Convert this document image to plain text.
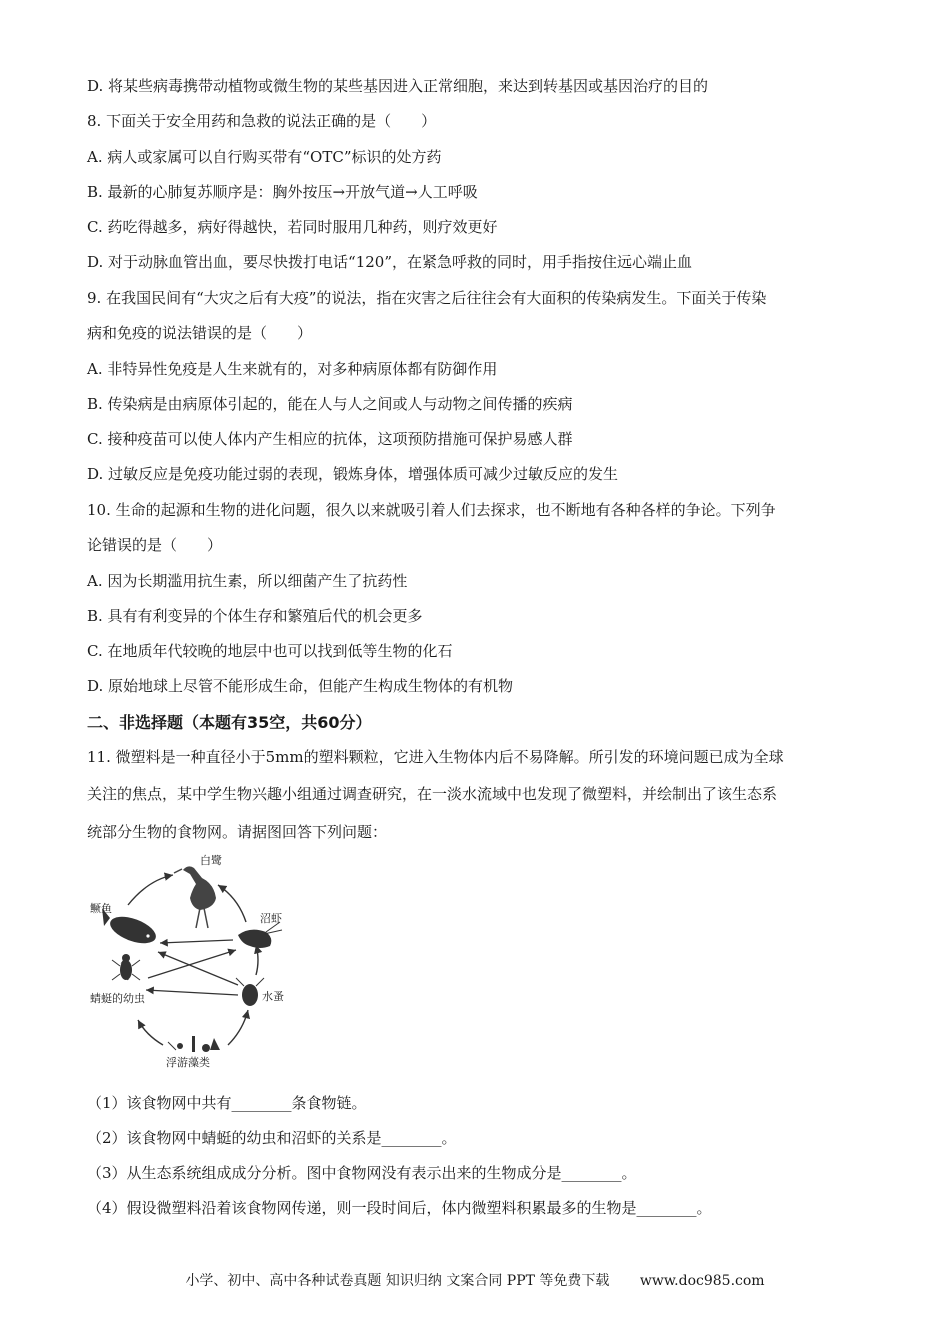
D. 将某些病毒携带动植物或微生物的某些基因进入正常细胞，来达到转基因或基因治疗的目的
8. 下面关于安全用药和急救的说法正确的是（　　）
A. 病人或家属可以自行购买带有“OTC”标识的处方药
B. 最新的心肺复苏顺序是：胸外按压→开放气道→人工呼吸
C. 药吃得越多，病好得越快，若同时服用几种药，则疗效更好
D. 对于动脉血管出血，要尽快拨打电话“120”，在紧急呼救的同时，用手指按住远心端止血
9. 在我国民间有“大灾之后有大疫”的说法，指在灾害之后往往会有大面积的传染病发生。下面关于传染
病和免疫的说法错误的是（　　）
A. 非特异性免疫是人生来就有的，对多种病原体都有防御作用
B. 传染病是由病原体引起的，能在人与人之间或人与动物之间传播的疾病
C. 接种疫苗可以使人体内产生相应的抗体，这项预防措施可保护易感人群
D. 过敏反应是免疫功能过弱的表现，锻炼身体，增强体质可减少过敏反应的发生
10. 生命的起源和生物的进化问题，很久以来就吸引着人们去探求，也不断地有各种各样的争论。下列争
论错误的是（　　）
A. 因为长期滥用抗生素，所以细菌产生了抗药性
B. 具有有利变异的个体生存和繁殖后代的机会更多
C. 在地质年代较晚的地层中也可以找到低等生物的化石
D. 原始地球上尽管不能形成生命，但能产生构成生物体的有机物
二、非选择题（本题有35空，共60分）
11. 微塑料是一种直径小于5mm的塑料颗粒，它进入生物体内后不易降解。所引发的环境问题已成为全球
关注的焦点，某中学生物兴趣小组通过调查研究，在一淡水流域中也发现了微塑料，并绘制出了该生态系
统部分生物的食物网。请据图回答下列问题：
白鹭
鳜鱼
沼虾
蜻蜓的幼虫	水蚤
浮游藻类
（1）该食物网中共有________条食物链。
（2）该食物网中蜻蜓的幼虫和沼虾的关系是________。
（3）从生态系统组成成分分析。图中食物网没有表示出来的生物成分是________。
（4）假设微塑料沿着该食物网传递，则一段时间后，体内微塑料积累最多的生物是________。
小学、初中、高中各种试卷真题 知识归纳 文案合同 PPT 等免费下载 www.doc985.com
